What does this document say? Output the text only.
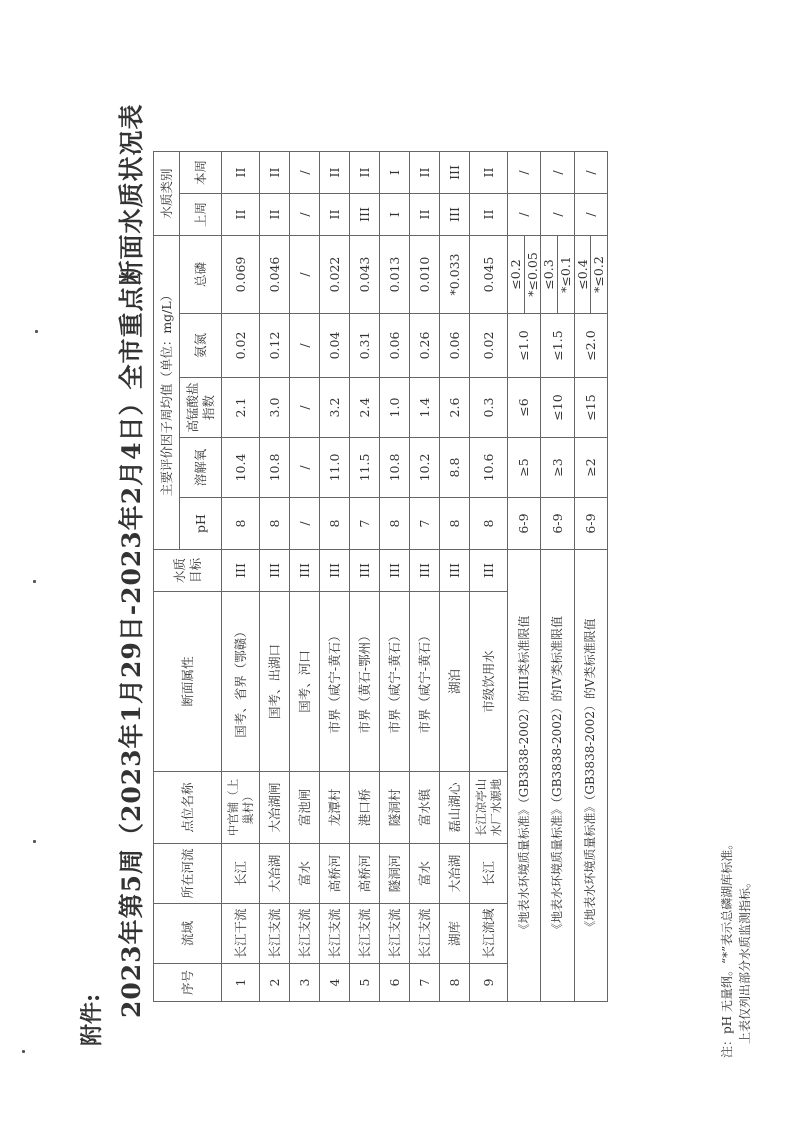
附件:
2023年第5周（2023年1月29日-2023年2月4日）全市重点断面水质状况表	序号	流域	所在河流	点位名称	断面属性	水质目标	主要评价因子周均值（单位：mg/L）					水质类别	
						pH	溶解氧	高锰酸盐指数	氨氮	总磷	上周	本周
1	长江干流	长江	中官铺（上巢村）	国考、省界（鄂赣）	III	8	10.4	2.1	0.02	0.069	II	II
2	长江支流	大冶湖	大冶湖闸	国考、出湖口	III	8	10.8	3.0	0.12	0.046	II	II
3	长江支流	富水	富池闸	国考、河口	III	/	/	/	/	/	/	/
4	长江支流	高桥河	龙潭村	市界（咸宁-黄石）	III	8	11.0	3.2	0.04	0.022	II	II
5	长江支流	高桥河	港口桥	市界（黄石-鄂州）	III	7	11.5	2.4	0.31	0.043	III	II
6	长江支流	隧洞河	隧洞村	市界（咸宁-黄石）	III	8	10.8	1.0	0.06	0.013	I	I
7	长江支流	富水	富水镇	市界（咸宁-黄石）	III	7	10.2	1.4	0.26	0.010	II	II
8	湖库	大冶湖	磊山湖心	湖泊	III	8	8.8	2.6	0.06	*0.033	III	III
9	长江流域	长江	长江凉亭山水厂水源地	市级饮用水	III	8	10.6	0.3	0.02	0.045	II	II
《地表水环境质量标准》（GB3838-2002）的III类标准限值						6-9	≥5	≤6	≤1.0	≤0.2	/	/
										*≤0.05		
《地表水环境质量标准》（GB3838-2002）的IV类标准限值						6-9	≥3	≤10	≤1.5	≤0.3	/	/
										*≤0.1		
《地表水环境质量标准》（GB3838-2002）的V类标准限值						6-9	≥2	≤15	≤2.0	≤0.4	/	/
										*≤0.2		
注：pH 无量纲。“*”表示总磷湖库标准。 上表仅列出部分水质监测指标。
